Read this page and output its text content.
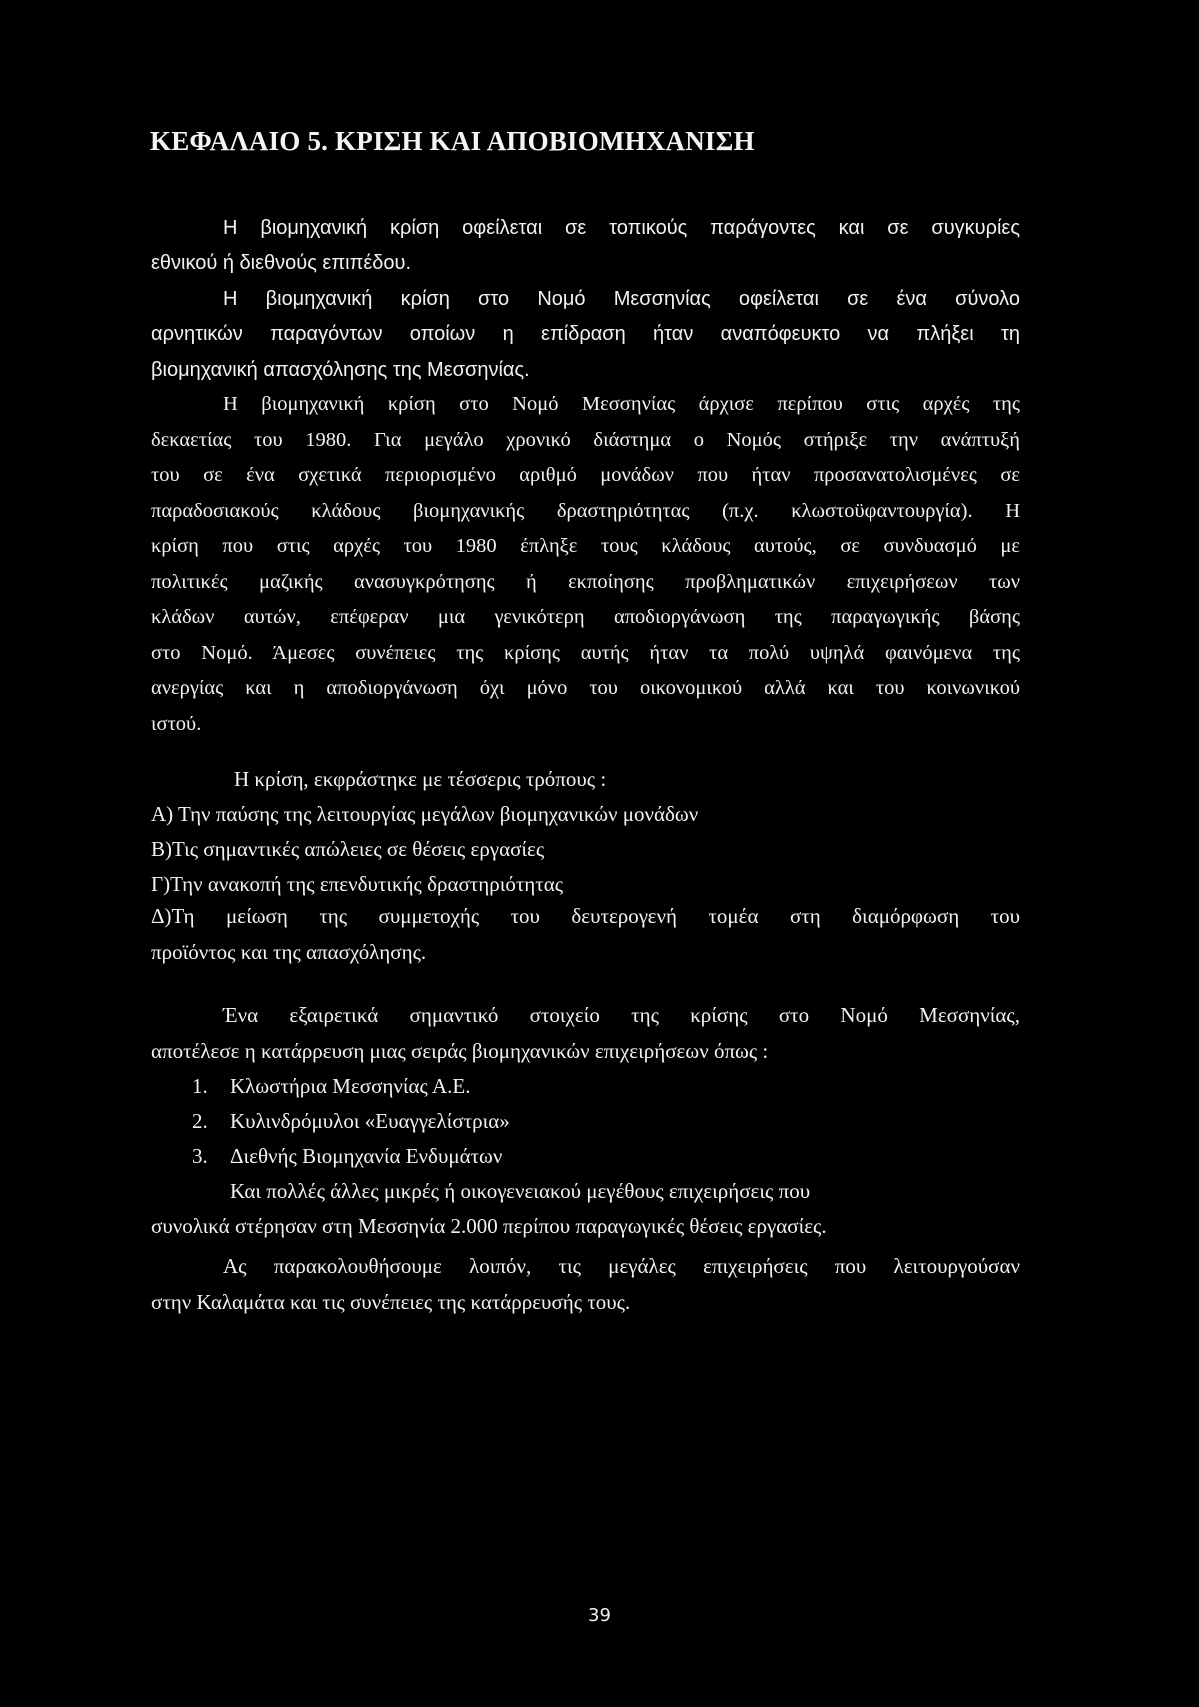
ΚΕΦΑΛΑΙΟ 5. ΚΡΙΣΗ ΚΑΙ ΑΠΟΒΙΟΜΗΧΑΝΙΣΗ
Η βιομηχανική κρίση οφείλεται σε τοπικούς παράγοντες και σε συγκυρίες
εθνικού ή διεθνούς επιπέδου.
Η βιομηχανική κρίση στο Νομό Μεσσηνίας οφείλεται σε ένα σύνολο
αρνητικών παραγόντων οποίων η επίδραση ήταν αναπόφευκτο να πλήξει τη
βιομηχανική απασχόλησης της Μεσσηνίας.
Η βιομηχανική κρίση στο Νομό Μεσσηνίας άρχισε περίπου στις αρχές της
δεκαετίας του 1980. Για μεγάλο χρονικό διάστημα ο Νομός στήριξε την ανάπτυξή
του σε ένα σχετικά περιορισμένο αριθμό μονάδων που ήταν προσανατολισμένες σε
παραδοσιακούς κλάδους βιομηχανικής δραστηριότητας (π.χ. κλωστοϋφαντουργία). Η
κρίση που στις αρχές του 1980 έπληξε τους κλάδους αυτούς, σε συνδυασμό με
πολιτικές μαζικής ανασυγκρότησης ή εκποίησης προβληματικών επιχειρήσεων των
κλάδων αυτών, επέφεραν μια γενικότερη αποδιοργάνωση της παραγωγικής βάσης
στο Νομό. Άμεσες συνέπειες της κρίσης αυτής ήταν τα πολύ υψηλά φαινόμενα της
ανεργίας και η αποδιοργάνωση όχι μόνο του οικονομικού αλλά και του κοινωνικού
ιστού.
Η κρίση, εκφράστηκε με τέσσερις τρόπους :
Α) Την παύσης της λειτουργίας μεγάλων βιομηχανικών μονάδων
Β)Τις σημαντικές απώλειες σε θέσεις εργασίες
Γ)Την ανακοπή της επενδυτικής δραστηριότητας
Δ)Τη μείωση της συμμετοχής του δευτερογενή τομέα στη διαμόρφωση του
προϊόντος και της απασχόλησης.
Ένα εξαιρετικά σημαντικό στοιχείο της κρίσης στο Νομό Μεσσηνίας,
αποτέλεσε η κατάρρευση μιας σειράς βιομηχανικών επιχειρήσεων όπως :
1. Κλωστήρια Μεσσηνίας Α.Ε.
2. Κυλινδρόμυλοι «Ευαγγελίστρια»
3. Διεθνής Βιομηχανία Ενδυμάτων
Και πολλές άλλες μικρές ή οικογενειακού μεγέθους επιχειρήσεις που
συνολικά στέρησαν στη Μεσσηνία 2.000 περίπου παραγωγικές θέσεις εργασίες.
Ας παρακολουθήσουμε λοιπόν, τις μεγάλες επιχειρήσεις που λειτουργούσαν
στην Καλαμάτα και τις συνέπειες της κατάρρευσής τους.
39
